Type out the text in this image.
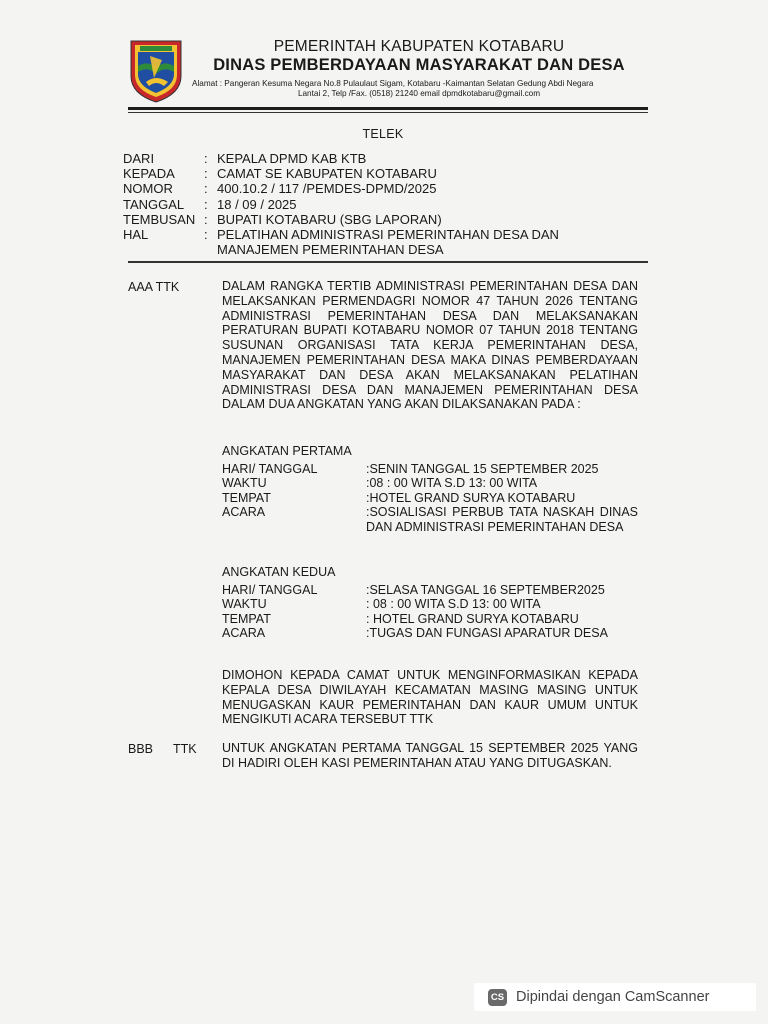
PEMERINTAH KABUPATEN KOTABARU
DINAS PEMBERDAYAAN MASYARAKAT DAN DESA
Alamat : Pangeran Kesuma Negara No.8 Pulaulaut Sigam, Kotabaru -Kaimantan Selatan Gedung Abdi Negara
Lantai 2, Telp /Fax. (0518) 21240 email dpmdkotabaru@gmail.com
TELEK
DARI	: KEPALA DPMD KAB KTB
KEPADA	: CAMAT SE KABUPATEN KOTABARU
NOMOR	: 400.10.2 / 117 /PEMDES-DPMD/2025
TANGGAL	: 18 / 09 / 2025
TEMBUSAN : BUPATI KOTABARU (SBG LAPORAN)
HAL	: PELATIHAN ADMINISTRASI PEMERINTAHAN DESA DAN MANAJEMEN PEMERINTAHAN DESA
AAA TTK	DALAM RANGKA TERTIB ADMINISTRASI PEMERINTAHAN DESA DAN MELAKSANKAN PERMENDAGRI NOMOR 47 TAHUN 2026 TENTANG ADMINISTRASI PEMERINTAHAN DESA DAN MELAKSANAKAN PERATURAN BUPATI KOTABARU NOMOR 07 TAHUN 2018 TENTANG SUSUNAN ORGANISASI TATA KERJA PEMERINTAHAN DESA, MANAJEMEN PEMERINTAHAN DESA MAKA DINAS PEMBERDAYAAN MASYARAKAT DAN DESA AKAN MELAKSANAKAN PELATIHAN ADMINISTRASI DESA DAN MANAJEMEN PEMERINTAHAN DESA DALAM DUA ANGKATAN YANG AKAN DILAKSANAKAN PADA :
ANGKATAN PERTAMA
HARI/ TANGGAL	:SENIN TANGGAL 15 SEPTEMBER 2025
WAKTU	:08 : 00 WITA S.D 13: 00 WITA
TEMPAT	:HOTEL GRAND SURYA KOTABARU
ACARA	:SOSIALISASI PERBUB TATA NASKAH DINAS DAN ADMINISTRASI PEMERINTAHAN DESA
ANGKATAN KEDUA
HARI/ TANGGAL	:SELASA TANGGAL 16 SEPTEMBER2025
WAKTU	: 08 : 00 WITA S.D 13: 00 WITA
TEMPAT	: HOTEL GRAND SURYA KOTABARU
ACARA	:TUGAS DAN FUNGASI APARATUR DESA
DIMOHON KEPADA CAMAT UNTUK MENGINFORMASIKAN KEPADA KEPALA DESA DIWILAYAH KECAMATAN MASING MASING UNTUK MENUGASKAN KAUR PEMERINTAHAN DAN KAUR UMUM UNTUK MENGIKUTI ACARA TERSEBUT TTK
BBB TTK UNTUK ANGKATAN PERTAMA TANGGAL 15 SEPTEMBER 2025 YANG DI HADIRI OLEH KASI PEMERINTAHAN ATAU YANG DITUGASKAN.
CS Dipindai dengan CamScanner
